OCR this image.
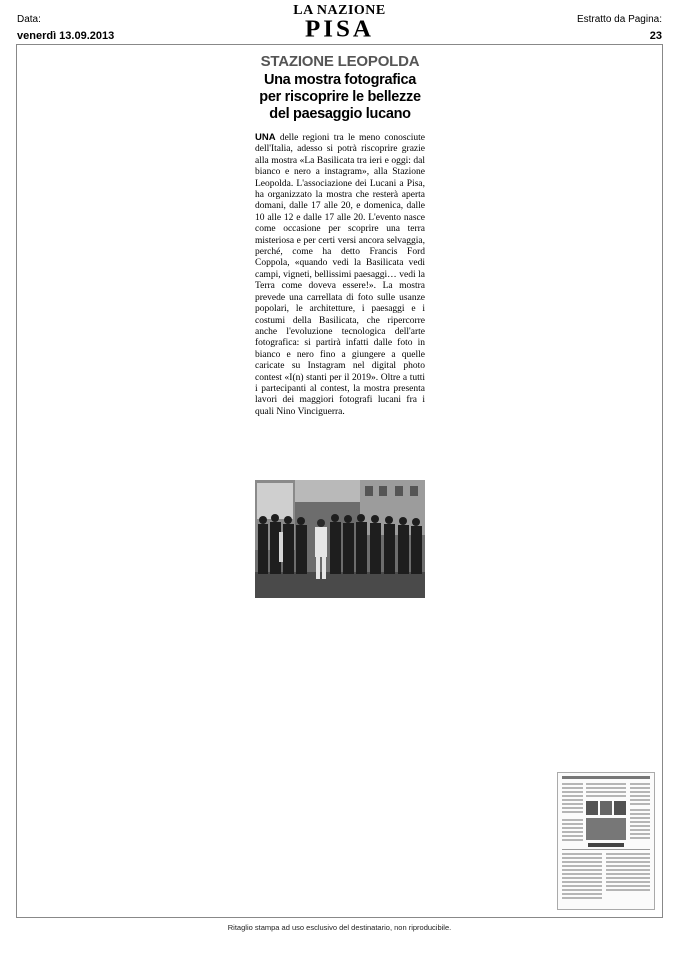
Data:
venerdì 13.09.2013
LA NAZIONE
PISA	Estratto da Pagina:
23
STAZIONE LEOPOLDA
Una mostra fotografica per riscoprire le bellezze del paesaggio lucano
UNA delle regioni tra le meno conosciute dell'Italia, adesso si potrà riscoprire grazie alla mostra «La Basilicata tra ieri e oggi: dal bianco e nero a instagram», alla Stazione Leopolda. L'associazione dei Lucani a Pisa, ha organizzato la mostra che resterà aperta domani, dalle 17 alle 20, e domenica, dalle 10 alle 12 e dalle 17 alle 20. L'evento nasce come occasione per scoprire una terra misteriosa e per certi versi ancora selvaggia, perché, come ha detto Francis Ford Coppola, «quando vedi la Basilicata vedi campi, vigneti, bellissimi paesaggi… vedi la Terra come doveva essere!». La mostra prevede una carrellata di foto sulle usanze popolari, le architetture, i paesaggi e i costumi della Basilicata, che ripercorre anche l'evoluzione tecnologica dell'arte fotografica: si partirà infatti dalle foto in bianco e nero fino a giungere a quelle caricate su Instagram nel digital photo contest «I(n) stanti per il 2019». Oltre a tutti i partecipanti al contest, la mostra presenta lavori dei maggiori fotografi lucani fra i quali Nino Vinciguerra.
Ritaglio stampa ad uso esclusivo del destinatario, non riproducibile.
